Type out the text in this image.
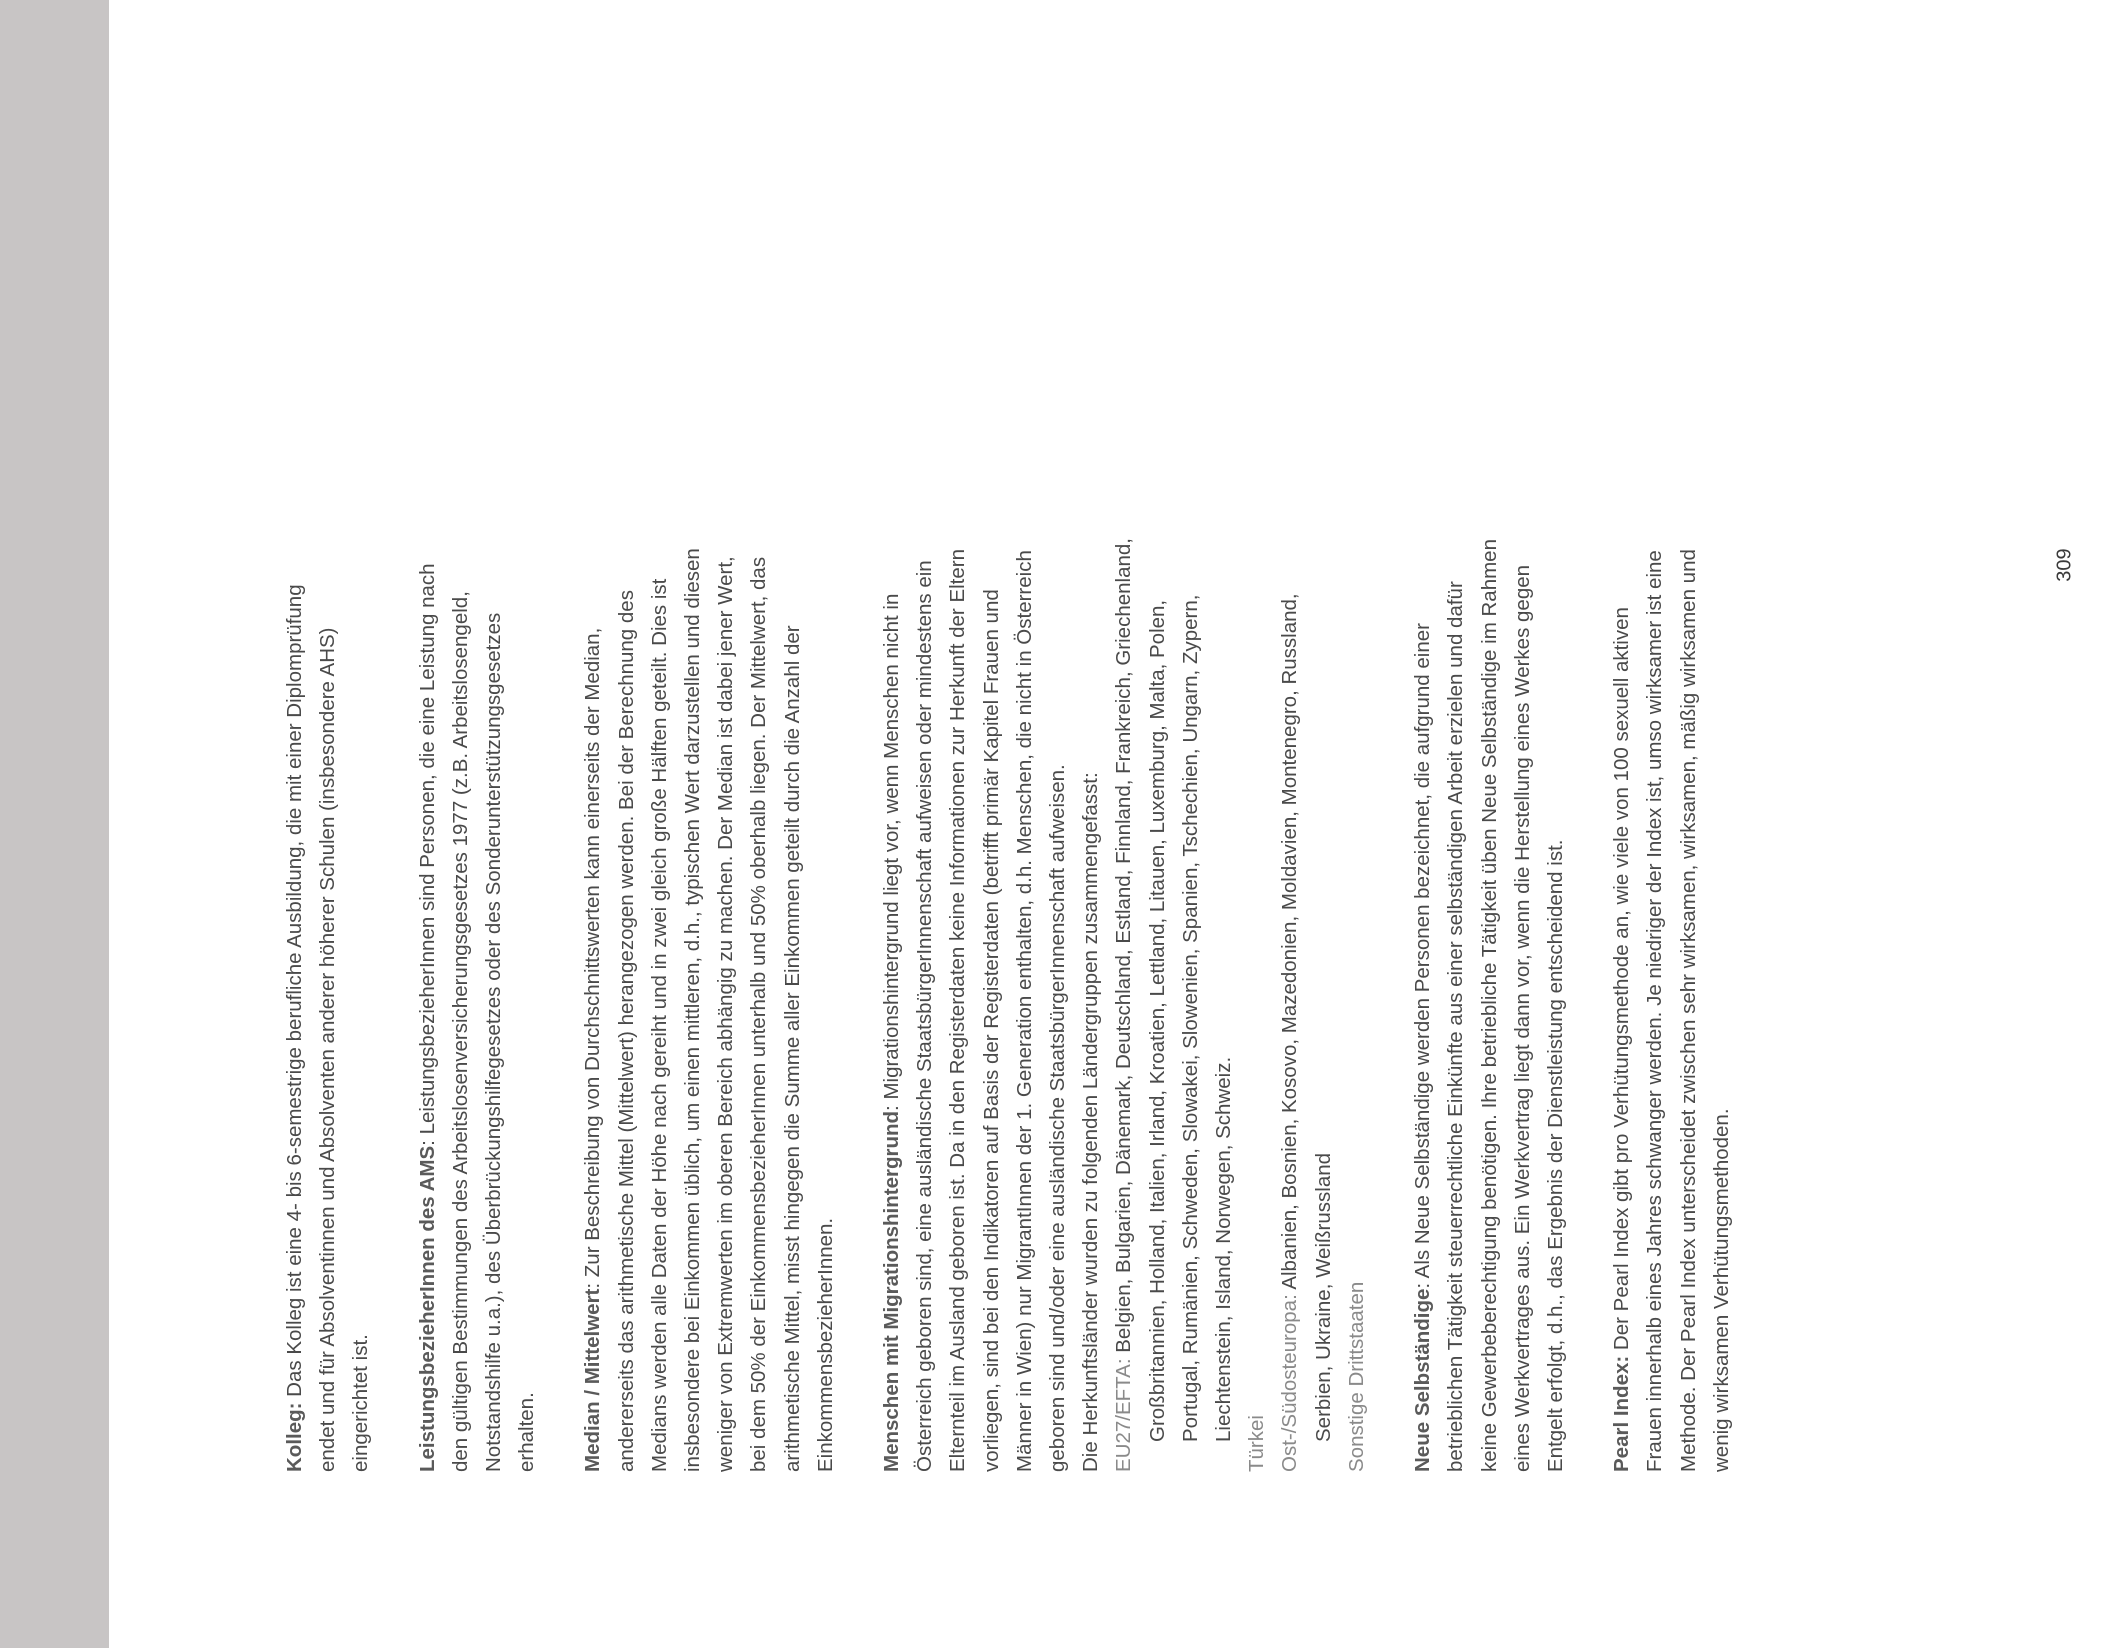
309

Kolleg: Das Kolleg ist eine 4- bis 6-semestrige berufliche Ausbildung, die mit einer Diplomprüfung endet und für Absolventinnen und Absolventen anderer höherer Schulen (insbesondere AHS) eingerichtet ist. LeistungsbezieherInnen des AMS: LeistungsbezieherInnen sind Personen, die eine Leistung nach den gültigen Bestimmungen des Arbeitslosenversicherungsgesetzes 1977 (z.B. Arbeitslosengeld, Notstandshilfe u.a.), des Überbrückungshilfegesetzes oder des Sonderunterstützungsgesetzes erhalten. Median / Mittelwert: Zur Beschreibung von Durchschnittswerten kann einerseits der Median, andererseits das arithmetische Mittel (Mittelwert) herangezogen werden. Bei der Berechnung des Medians werden alle Daten der Höhe nach gereiht und in zwei gleich große Hälften geteilt. Dies ist insbesondere bei Einkommen üblich, um einen mittleren, d.h., typischen Wert darzustellen und diesen weniger von Extremwerten im oberen Bereich abhängig zu machen. Der Median ist dabei jener Wert, bei dem 50% der EinkommensbezieherInnen unterhalb und 50% oberhalb liegen. Der Mittelwert, das arithmetische Mittel, misst hingegen die Summe aller Einkommen geteilt durch die Anzahl der EinkommensbezieherInnen. Menschen mit Migrationshintergrund: Migrationshintergrund liegt vor, wenn Menschen nicht in Österreich geboren sind, eine ausländische StaatsbürgerInnenschaft aufweisen oder mindestens ein Elternteil im Ausland geboren ist. Da in den Registerdaten keine Informationen zur Herkunft der Eltern vorliegen, sind bei den Indikatoren auf Basis der Registerdaten (betrifft primär Kapitel Frauen und Männer in Wien) nur MigrantInnen der 1. Generation enthalten, d.h. Menschen, die nicht in Österreich geboren sind und/oder eine ausländische StaatsbürgerInnenschaft aufweisen. Die Herkunftsländer wurden zu folgenden Ländergruppen zusammengefasst: EU27/EFTA: Belgien, Bulgarien, Dänemark, Deutschland, Estland, Finnland, Frankreich, Griechenland, Großbritannien, Holland, Italien, Irland, Kroatien, Lettland, Litauen, Luxemburg, Malta, Polen, Portugal, Rumänien, Schweden, Slowakei, Slowenien, Spanien, Tschechien, Ungarn, Zypern, Liechtenstein, Island, Norwegen, Schweiz.

Türkei Ost-/Südosteuropa: Albanien, Bosnien, Kosovo, Mazedonien, Moldavien, Montenegro, Russland, Serbien, Ukraine, Weißrussland Sonstige Drittstaaten Neue Selbständige: Als Neue Selbständige werden Personen bezeichnet, die aufgrund einer betrieblichen Tätigkeit steuerrechtliche Einkünfte aus einer selbständigen Arbeit erzielen und dafür keine Gewerbeberechtigung benötigen. Ihre betriebliche Tätigkeit üben Neue Selbständige im Rahmen eines Werkvertrages aus. Ein Werkvertrag liegt dann vor, wenn die Herstellung eines Werkes gegen Entgelt erfolgt, d.h., das Ergebnis der Dienstleistung entscheidend ist. Pearl Index: Der Pearl Index gibt pro Verhütungsmethode an, wie viele von 100 sexuell aktiven Frauen innerhalb eines Jahres schwanger werden. Je niedriger der Index ist, umso wirksamer ist eine Methode. Der Pearl Index unterscheidet zwischen sehr wirksamen, wirksamen, mäßig wirksamen und wenig wirksamen Verhütungsmethoden.
